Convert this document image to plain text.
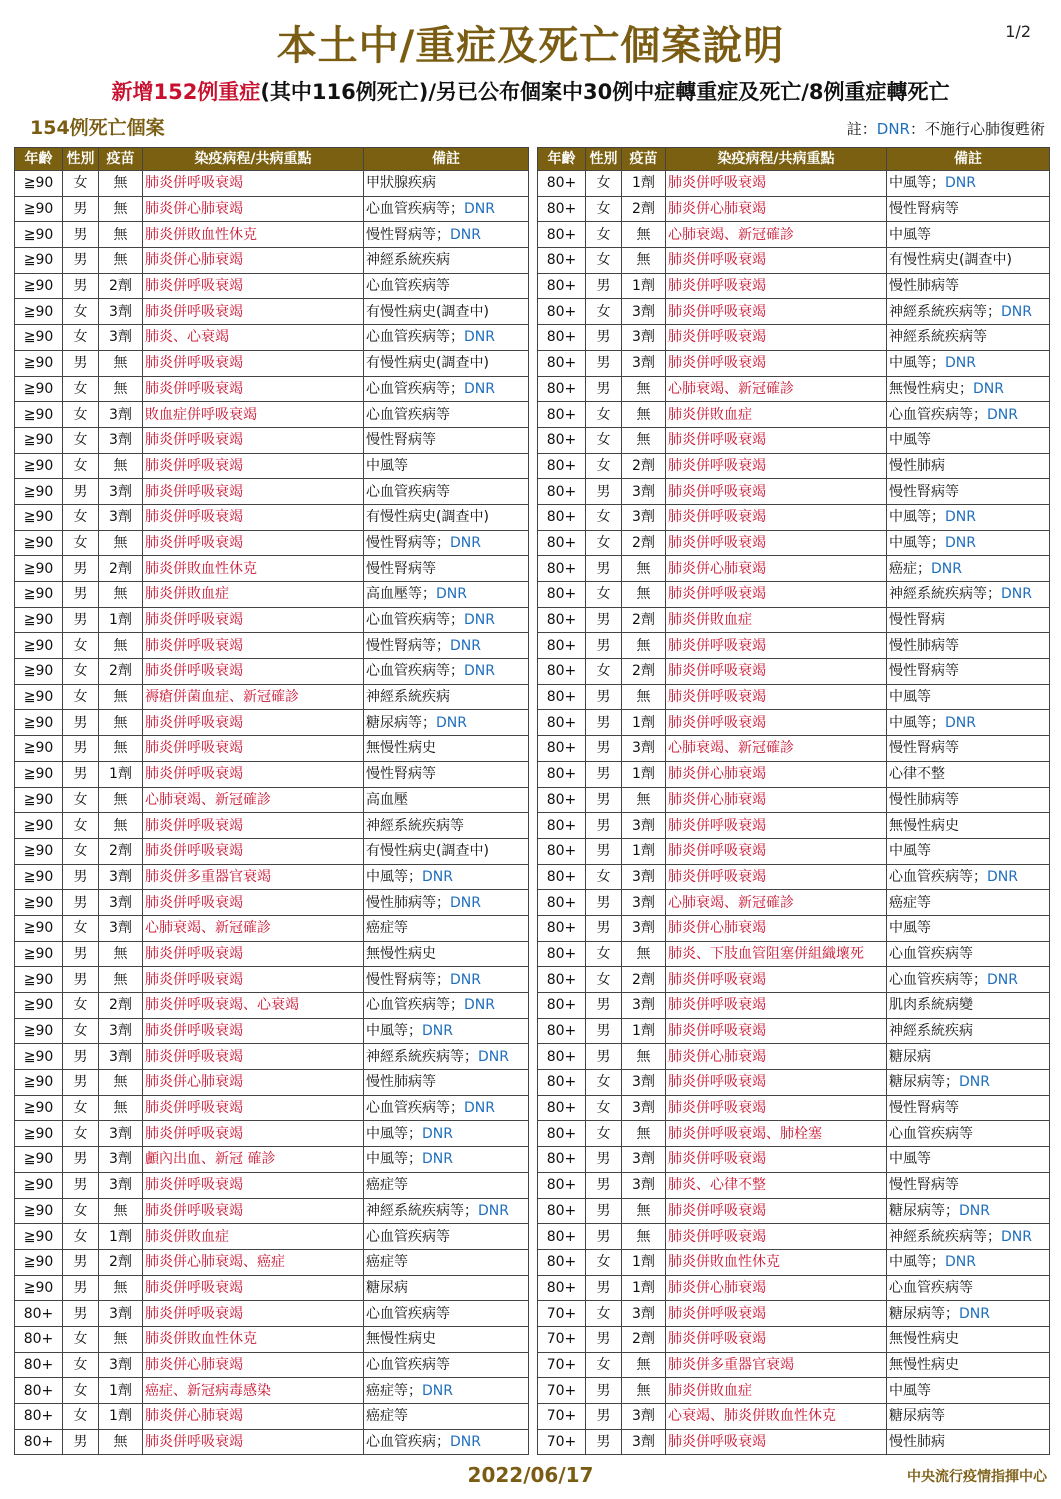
本土中/重症及死亡個案說明	1/2
新增152例重症(其中116例死亡)/另已公布個案中30例中症轉重症及死亡/8例重症轉死亡
154例死亡個案	註：DNR：不施行心肺復甦術
年齡	性別	疫苗	染疫病程/共病重點	備註
≧90	女	無	肺炎併呼吸衰竭	甲狀腺疾病
≧90	男	無	肺炎併心肺衰竭	心血管疾病等；DNR
≧90	男	無	肺炎併敗血性休克	慢性腎病等；DNR
≧90	男	無	肺炎併心肺衰竭	神經系統疾病
≧90	男	2劑	肺炎併呼吸衰竭	心血管疾病等
≧90	女	3劑	肺炎併呼吸衰竭	有慢性病史(調查中)
≧90	女	3劑	肺炎、心衰竭	心血管疾病等；DNR
≧90	男	無	肺炎併呼吸衰竭	有慢性病史(調查中)
≧90	女	無	肺炎併呼吸衰竭	心血管疾病等；DNR
≧90	女	3劑	敗血症併呼吸衰竭	心血管疾病等
≧90	女	3劑	肺炎併呼吸衰竭	慢性腎病等
≧90	女	無	肺炎併呼吸衰竭	中風等
≧90	男	3劑	肺炎併呼吸衰竭	心血管疾病等
≧90	女	3劑	肺炎併呼吸衰竭	有慢性病史(調查中)
≧90	女	無	肺炎併呼吸衰竭	慢性腎病等；DNR
≧90	男	2劑	肺炎併敗血性休克	慢性腎病等
≧90	男	無	肺炎併敗血症	高血壓等；DNR
≧90	男	1劑	肺炎併呼吸衰竭	心血管疾病等；DNR
≧90	女	無	肺炎併呼吸衰竭	慢性腎病等；DNR
≧90	女	2劑	肺炎併呼吸衰竭	心血管疾病等；DNR
≧90	女	無	褥瘡併菌血症、新冠確診	神經系統疾病
≧90	男	無	肺炎併呼吸衰竭	糖尿病等；DNR
≧90	男	無	肺炎併呼吸衰竭	無慢性病史
≧90	男	1劑	肺炎併呼吸衰竭	慢性腎病等
≧90	女	無	心肺衰竭、新冠確診	高血壓
≧90	女	無	肺炎併呼吸衰竭	神經系統疾病等
≧90	女	2劑	肺炎併呼吸衰竭	有慢性病史(調查中)
≧90	男	3劑	肺炎併多重器官衰竭	中風等；DNR
≧90	男	3劑	肺炎併呼吸衰竭	慢性肺病等；DNR
≧90	女	3劑	心肺衰竭、新冠確診	癌症等
≧90	男	無	肺炎併呼吸衰竭	無慢性病史
≧90	男	無	肺炎併呼吸衰竭	慢性腎病等；DNR
≧90	女	2劑	肺炎併呼吸衰竭、心衰竭	心血管疾病等；DNR
≧90	女	3劑	肺炎併呼吸衰竭	中風等；DNR
≧90	男	3劑	肺炎併呼吸衰竭	神經系統疾病等；DNR
≧90	男	無	肺炎併心肺衰竭	慢性肺病等
≧90	女	無	肺炎併呼吸衰竭	心血管疾病等；DNR
≧90	女	3劑	肺炎併呼吸衰竭	中風等；DNR
≧90	男	3劑	顱內出血、新冠 確診	中風等；DNR
≧90	男	3劑	肺炎併呼吸衰竭	癌症等
≧90	女	無	肺炎併呼吸衰竭	神經系統疾病等；DNR
≧90	女	1劑	肺炎併敗血症	心血管疾病等
≧90	男	2劑	肺炎併心肺衰竭、癌症	癌症等
≧90	男	無	肺炎併呼吸衰竭	糖尿病
80+	男	3劑	肺炎併呼吸衰竭	心血管疾病等
80+	女	無	肺炎併敗血性休克	無慢性病史
80+	女	3劑	肺炎併心肺衰竭	心血管疾病等
80+	女	1劑	癌症、新冠病毒感染	癌症等；DNR
80+	女	1劑	肺炎併心肺衰竭	癌症等
80+	男	無	肺炎併呼吸衰竭	心血管疾病；DNR
年齡	性別	疫苗	染疫病程/共病重點	備註
80+	女	1劑	肺炎併呼吸衰竭	中風等；DNR
80+	女	2劑	肺炎併心肺衰竭	慢性腎病等
80+	女	無	心肺衰竭、新冠確診	中風等
80+	女	無	肺炎併呼吸衰竭	有慢性病史(調查中)
80+	男	1劑	肺炎併呼吸衰竭	慢性肺病等
80+	女	3劑	肺炎併呼吸衰竭	神經系統疾病等；DNR
80+	男	3劑	肺炎併呼吸衰竭	神經系統疾病等
80+	男	3劑	肺炎併呼吸衰竭	中風等；DNR
80+	男	無	心肺衰竭、新冠確診	無慢性病史；DNR
80+	女	無	肺炎併敗血症	心血管疾病等；DNR
80+	女	無	肺炎併呼吸衰竭	中風等
80+	女	2劑	肺炎併呼吸衰竭	慢性肺病
80+	男	3劑	肺炎併呼吸衰竭	慢性腎病等
80+	女	3劑	肺炎併呼吸衰竭	中風等；DNR
80+	女	2劑	肺炎併呼吸衰竭	中風等；DNR
80+	男	無	肺炎併心肺衰竭	癌症；DNR
80+	女	無	肺炎併呼吸衰竭	神經系統疾病等；DNR
80+	男	2劑	肺炎併敗血症	慢性腎病
80+	男	無	肺炎併呼吸衰竭	慢性肺病等
80+	女	2劑	肺炎併呼吸衰竭	慢性腎病等
80+	男	無	肺炎併呼吸衰竭	中風等
80+	男	1劑	肺炎併呼吸衰竭	中風等；DNR
80+	男	3劑	心肺衰竭、新冠確診	慢性腎病等
80+	男	1劑	肺炎併心肺衰竭	心律不整
80+	男	無	肺炎併心肺衰竭	慢性肺病等
80+	男	3劑	肺炎併呼吸衰竭	無慢性病史
80+	男	1劑	肺炎併呼吸衰竭	中風等
80+	女	3劑	肺炎併呼吸衰竭	心血管疾病等；DNR
80+	男	3劑	心肺衰竭、新冠確診	癌症等
80+	男	3劑	肺炎併心肺衰竭	中風等
80+	女	無	肺炎、下肢血管阻塞併組織壞死	心血管疾病等
80+	女	2劑	肺炎併呼吸衰竭	心血管疾病等；DNR
80+	男	3劑	肺炎併呼吸衰竭	肌肉系統病變
80+	男	1劑	肺炎併呼吸衰竭	神經系統疾病
80+	男	無	肺炎併心肺衰竭	糖尿病
80+	女	3劑	肺炎併呼吸衰竭	糖尿病等；DNR
80+	女	3劑	肺炎併呼吸衰竭	慢性腎病等
80+	女	無	肺炎併呼吸衰竭、肺栓塞	心血管疾病等
80+	男	3劑	肺炎併呼吸衰竭	中風等
80+	男	3劑	肺炎、心律不整	慢性腎病等
80+	男	無	肺炎併呼吸衰竭	糖尿病等；DNR
80+	男	無	肺炎併呼吸衰竭	神經系統疾病等；DNR
80+	女	1劑	肺炎併敗血性休克	中風等；DNR
80+	男	1劑	肺炎併心肺衰竭	心血管疾病等
70+	女	3劑	肺炎併呼吸衰竭	糖尿病等；DNR
70+	男	2劑	肺炎併呼吸衰竭	無慢性病史
70+	女	無	肺炎併多重器官衰竭	無慢性病史
70+	男	無	肺炎併敗血症	中風等
70+	男	3劑	心衰竭、肺炎併敗血性休克	糖尿病等
70+	男	3劑	肺炎併呼吸衰竭	慢性肺病
2022/06/17	中央流行疫情指揮中心
